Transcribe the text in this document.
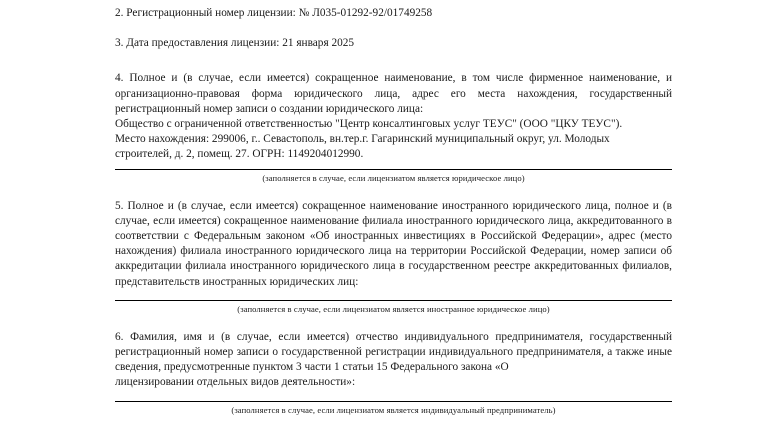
2. Регистрационный номер лицензии: № Л035-01292-92/01749258

3. Дата предоставления лицензии: 21 января 2025

4. Полное и (в случае, если имеется) сокращенное наименование, в том числе фирменное наименование, и организационно-правовая форма юридического лица, адрес его места нахождения, государственный регистрационный номер записи о создании юридического лица:

Общество с ограниченной ответственностью "Центр консалтинговых услуг ТЕУС" (ООО "ЦКУ ТЕУС").

Место нахождения: 299006, г.. Севастополь, вн.тер.г. Гагаринский муниципальный округ, ул. Молодых

строителей, д. 2, помещ. 27. ОГРН: 1149204012990.

(заполняется в случае, если лицензиатом является юридическое лицо)

5. Полное и (в случае, если имеется) сокращенное наименование иностранного юридического лица, полное и (в случае, если имеется) сокращенное наименование филиала иностранного юридического лица, аккредитованного в соответствии с Федеральным законом «Об иностранных инвестициях в Российской Федерации», адрес (место нахождения) филиала иностранного юридического лица на территории Российской Федерации, номер записи об аккредитации филиала иностранного юридического лица в государственном реестре аккредитованных филиалов, представительств иностранных юридических лиц:

(заполняется в случае, если лицензиатом является иностранное юридическое лицо)

6. Фамилия, имя и (в случае, если имеется) отчество индивидуального предпринимателя, государственный регистрационный номер записи о государственной регистрации индивидуального предпринимателя, а также иные сведения, предусмотренные пунктом 3 части 1 статьи 15 Федерального закона «О

лицензировании отдельных видов деятельности»:

(заполняется в случае, если лицензиатом является индивидуальный предприниматель)
